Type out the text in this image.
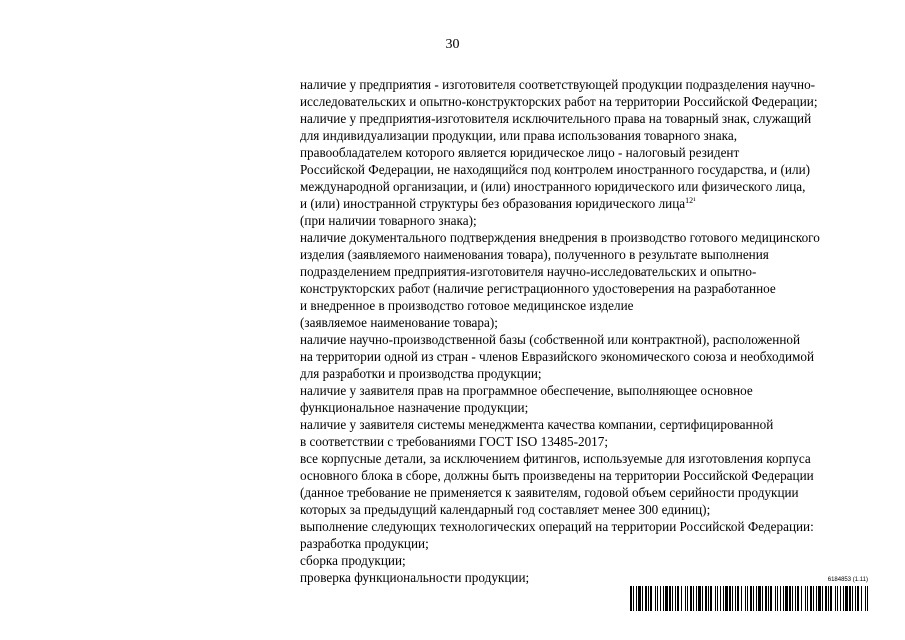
30
наличие у предприятия - изготовителя соответствующей продукции подразделения научно-
исследовательских и опытно-конструкторских работ на территории Российской Федерации;
наличие у предприятия-изготовителя исключительного права на товарный знак, служащий
для индивидуализации продукции, или права использования товарного знака,
правообладателем которого является юридическое лицо - налоговый резидент
Российской Федерации, не находящийся под контролем иностранного государства, и (или)
международной организации, и (или) иностранного юридического или физического лица,
и (или) иностранной структуры без образования юридического лица$^{12^1}$
(при наличии товарного знака);
наличие документального подтверждения внедрения в производство готового медицинского
изделия (заявляемого наименования товара), полученного в результате выполнения
подразделением предприятия-изготовителя научно-исследовательских и опытно-
конструкторских работ (наличие регистрационного удостоверения на разработанное
и внедренное в производство готовое медицинское изделие
(заявляемое наименование товара);
наличие научно-производственной базы (собственной или контрактной), расположенной
на территории одной из стран - членов Евразийского экономического союза и необходимой
для разработки и производства продукции;
наличие у заявителя прав на программное обеспечение, выполняющее основное
функциональное назначение продукции;
наличие у заявителя системы менеджмента качества компании, сертифицированной
в соответствии с требованиями ГОСТ ISO 13485-2017;
все корпусные детали, за исключением фитингов, используемые для изготовления корпуса
основного блока в сборе, должны быть произведены на территории Российской Федерации
(данное требование не применяется к заявителям, годовой объем серийности продукции
которых за предыдущий календарный год составляет менее 300 единиц);
выполнение следующих технологических операций на территории Российской Федерации:
разработка продукции;
сборка продукции;
проверка функциональности продукции;	6184853 (1.11)
